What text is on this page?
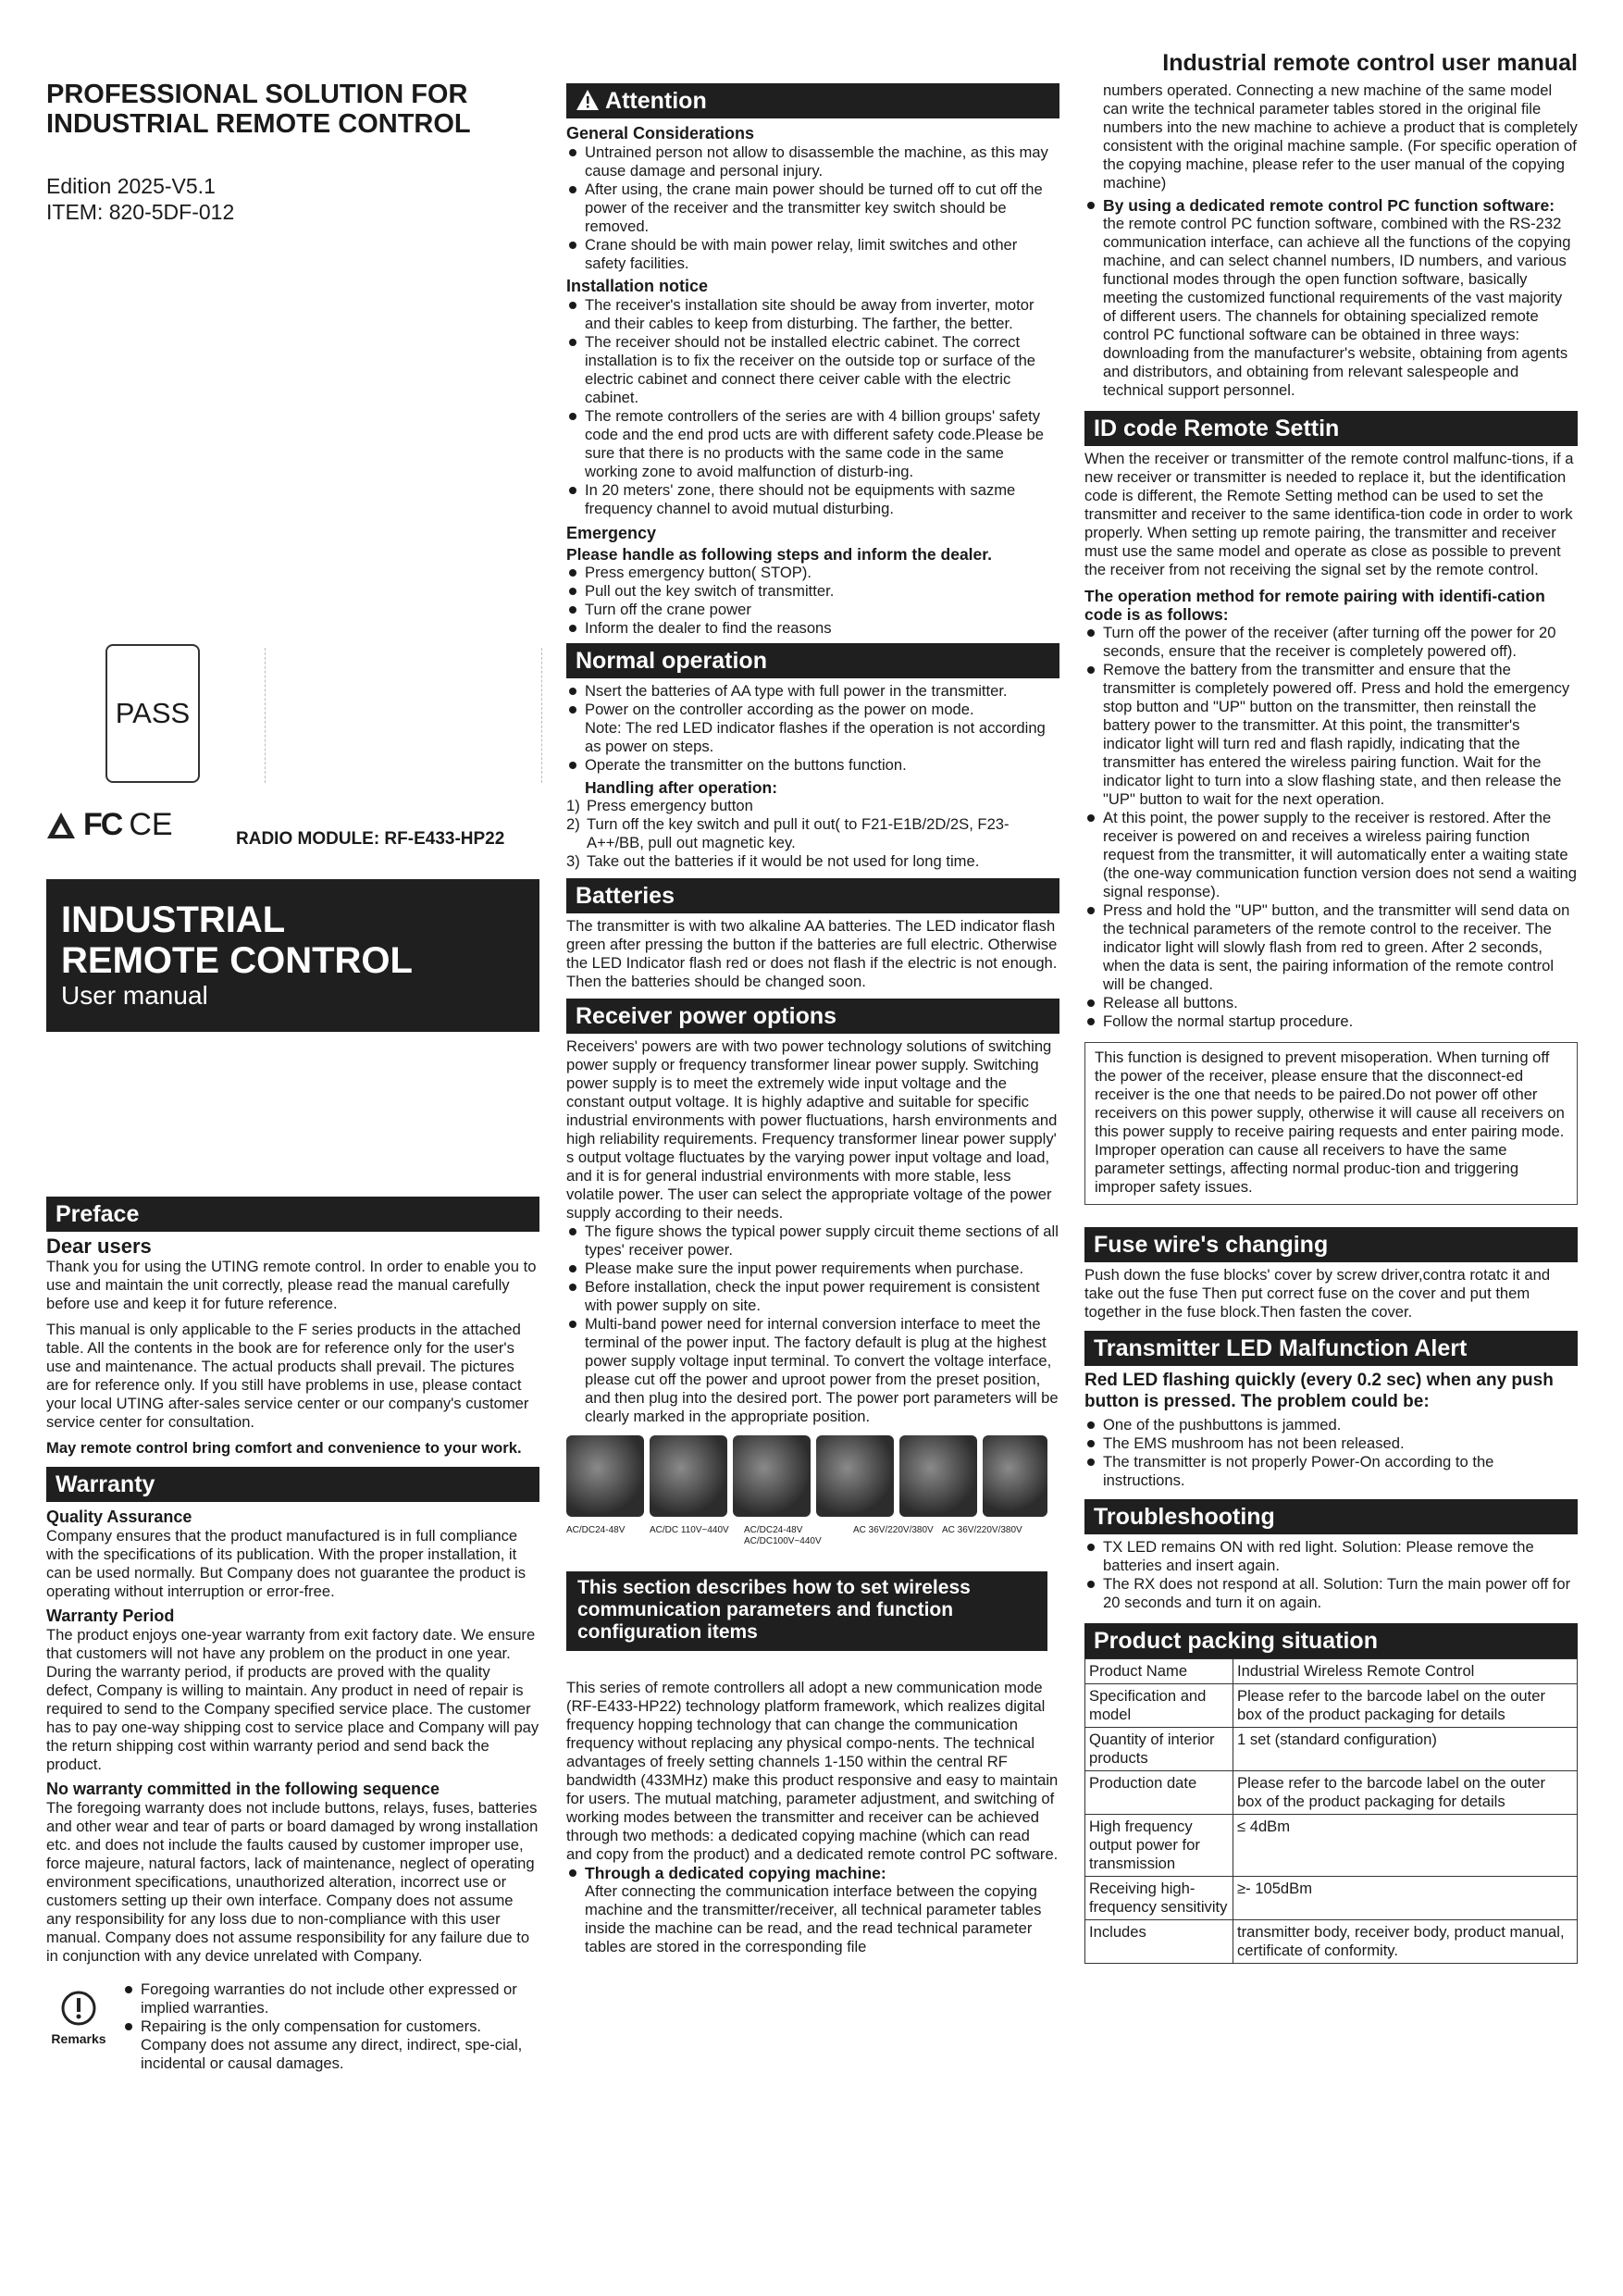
PROFESSIONAL SOLUTION FOR
INDUSTRIAL REMOTE CONTROL
Edition 2025-V5.1
ITEM: 820-5DF-012
PASS
FC CE	RADIO MODULE: RF-E433-HP22
INDUSTRIAL
REMOTE CONTROL
User manual
Preface
Dear users
Thank you for using the UTING remote control. In order to enable you to use and maintain the unit correctly, please read the manual carefully before use and keep it for future reference.
This manual is only applicable to the F series products in the attached table. All the contents in the book are for reference only for the user's use and maintenance. The actual products shall prevail. The pictures are for reference only. If you still have problems in use, please contact your local UTING after-sales service center or our company's customer service center for consultation.
May remote control bring comfort and convenience to your work.
Warranty
Quality Assurance
Company ensures that the product manufactured is in full compliance with the specifications of its publication. With the proper installation, it can be used normally. But Company does not guarantee the product is operating without interruption or error-free.
Warranty Period
The product enjoys one-year warranty from exit factory date. We ensure that customers will not have any problem on the product in one year. During the warranty period, if products are proved with the quality defect, Company is willing to maintain. Any product in need of repair is required to send to the Company specified service place. The customer has to pay one-way shipping cost to service place and Company will pay the return shipping cost within warranty period and send back the product.
No warranty committed in the following sequence
The foregoing warranty does not include buttons, relays, fuses, batteries and other wear and tear of parts or board damaged by wrong installation etc. and does not include the faults caused by customer improper use, force majeure, natural factors, lack of maintenance, neglect of operating environment specifications, unauthorized alteration, incorrect use or customers setting up their own interface. Company does not assume any responsibility for any loss due to non-compliance with this user manual. Company does not assume responsibility for any failure due to in conjunction with any device unrelated with Company.
Remarks
Foregoing warranties do not include other expressed or implied warranties.
Repairing is the only compensation for customers. Company does not assume any direct, indirect, spe-cial, incidental or causal damages.
Attention
General Considerations
Untrained person not allow to disassemble the machine, as this may cause damage and personal injury.
After using, the crane main power should be turned off to cut off the power of the receiver and the transmitter key switch should be removed.
Crane should be with main power relay, limit switches and other safety facilities.
Installation notice
The receiver's installation site should be away from inverter, motor and their cables to keep from disturbing. The farther, the better.
The receiver should not be installed electric cabinet. The correct installation is to fix the receiver on the outside top or surface of the electric cabinet and connect there ceiver cable with the electric cabinet.
The remote controllers of the series are with 4 billion groups' safety code and the end prod ucts are with different safety code.Please be sure that there is no products with the same code in the same working zone to avoid malfunction of disturb-ing.
In 20 meters' zone, there should not be equipments with sazme frequency channel to avoid mutual disturbing.
Emergency
Please handle as following steps and inform the dealer.
Press emergency button( STOP).
Pull out the key switch of transmitter.
Turn off the crane power
Inform the dealer to find the reasons
Normal operation
Nsert the batteries of AA type with full power in the transmitter.
Power on the controller according as the power on mode.
Note: The red LED indicator flashes if the operation is not according as power on steps.
Operate the transmitter on the buttons function.
Handling after operation:
1) Press emergency button
2) Turn off the key switch and pull it out( to F21-E1B/2D/2S, F23-A++/BB, pull out magnetic key.
3) Take out the batteries if it would be not used for long time.
Batteries
The transmitter is with two alkaline AA batteries. The LED indicator flash green after pressing the button if the batteries are full electric. Otherwise the LED Indicator flash red or does not flash if the electric is not enough. Then the batteries should be changed soon.
Receiver power options
Receivers' powers are with two power technology solutions of switching power supply or frequency transformer linear power supply. Switching power supply is to meet the extremely wide input voltage and the constant output voltage. It is highly adaptive and suitable for specific industrial environments with power fluctuations, harsh environments and high reliability requirements. Frequency transformer linear power supply' s output voltage fluctuates by the varying power input voltage and load, and it is for general industrial environments with more stable, less volatile power. The user can select the appropriate voltage of the power supply according to their needs.
The figure shows the typical power supply circuit theme sections of all types' receiver power.
Please make sure the input power requirements when purchase.
Before installation, check the input power requirement is consistent with power supply on site.
Multi-band power need for internal conversion interface to meet the terminal of the power input. The factory default is plug at the highest power supply voltage input terminal. To convert the voltage interface, please cut off the power and uproot power from the preset position, and then plug into the desired port. The power port parameters will be clearly marked in the appropriate position.
AC/DC24-48V	AC/DC 110V~440V	AC/DC24-48V AC/DC100V~440V
AC 36V/220V/380V AC 36V/220V/380V
This section describes how to set wireless communication parameters and function configuration items
This series of remote controllers all adopt a new communication mode (RF-E433-HP22) technology platform framework, which realizes digital frequency hopping technology that can change the communication frequency without replacing any physical compo-nents. The technical advantages of freely setting channels 1-150 within the central RF bandwidth (433MHz) make this product responsive and easy to maintain for users. The mutual matching, parameter adjustment, and switching of working modes between the transmitter and receiver can be achieved through two methods: a dedicated copying machine (which can read and copy from the product) and a dedicated remote control PC software.
Through a dedicated copying machine:
After connecting the communication interface between the copying machine and the transmitter/receiver, all technical parameter tables inside the machine can be read, and the read technical parameter tables are stored in the corresponding file
Industrial remote control user manual
numbers operated. Connecting a new machine of the same model can write the technical parameter tables stored in the original file numbers into the new machine to achieve a product that is completely consistent with the original machine sample. (For specific operation of the copying machine, please refer to the user manual of the copying machine)
By using a dedicated remote control PC function software:
the remote control PC function software, combined with the RS-232 communication interface, can achieve all the functions of the copying machine, and can select channel numbers, ID numbers, and various functional modes through the open function software, basically meeting the customized functional requirements of the vast majority of different users. The channels for obtaining specialized remote control PC functional software can be obtained in three ways: downloading from the manufacturer's website, obtaining from agents and distributors, and obtaining from relevant salespeople and technical support personnel.
ID code Remote Settin
When the receiver or transmitter of the remote control malfunc-tions, if a new receiver or transmitter is needed to replace it, but the identification code is different, the Remote Setting method can be used to set the transmitter and receiver to the same identifica-tion code in order to work properly. When setting up remote pairing, the transmitter and receiver must use the same model and operate as close as possible to prevent the receiver from not receiving the signal set by the remote control.
The operation method for remote pairing with identifi-cation code is as follows:
Turn off the power of the receiver (after turning off the power for 20 seconds, ensure that the receiver is completely powered off).
Remove the battery from the transmitter and ensure that the transmitter is completely powered off. Press and hold the emergency stop button and "UP" button on the transmitter, then reinstall the battery power to the transmitter. At this point, the transmitter's indicator light will turn red and flash rapidly, indicating that the transmitter has entered the wireless pairing function. Wait for the indicator light to turn into a slow flashing state, and then release the "UP" button to wait for the next operation.
At this point, the power supply to the receiver is restored. After the receiver is powered on and receives a wireless pairing function request from the transmitter, it will automatically enter a waiting state (the one-way communication function version does not send a waiting signal response).
Press and hold the "UP" button, and the transmitter will send data on the technical parameters of the remote control to the receiver. The indicator light will slowly flash from red to green. After 2 seconds, when the data is sent, the pairing information of the remote control will be changed.
Release all buttons.
Follow the normal startup procedure.
This function is designed to prevent misoperation. When turning off the power of the receiver, please ensure that the disconnect-ed receiver is the one that needs to be paired.Do not power off other receivers on this power supply, otherwise it will cause all receivers on this power supply to receive pairing requests and enter pairing mode. Improper operation can cause all receivers to have the same parameter settings, affecting normal produc-tion and triggering improper safety issues.
Fuse wire's changing
Push down the fuse blocks' cover by screw driver,contra rotatc it and take out the fuse Then put correct fuse on the cover and put them together in the fuse block.Then fasten the cover.
Transmitter LED Malfunction Alert
Red LED flashing quickly (every 0.2 sec) when any push button is pressed. The problem could be:
One of the pushbuttons is jammed.
The EMS mushroom has not been released.
The transmitter is not properly Power-On according to the instructions.
Troubleshooting
TX LED remains ON with red light. Solution: Please remove the batteries and insert again.
The RX does not respond at all. Solution: Turn the main power off for 20 seconds and turn it on again.
Product packing situation
Product Name	Industrial Wireless Remote Control
Specification and model	Please refer to the barcode label on the outer box of the product packaging for details
Quantity of interior products	1 set (standard configuration)
Production date	Please refer to the barcode label on the outer box of the product packaging for details
High frequency output power for transmission	≤ 4dBm
Receiving high-frequency sensitivity	≥- 105dBm
Includes	transmitter body, receiver body, product manual, certificate of conformity.
